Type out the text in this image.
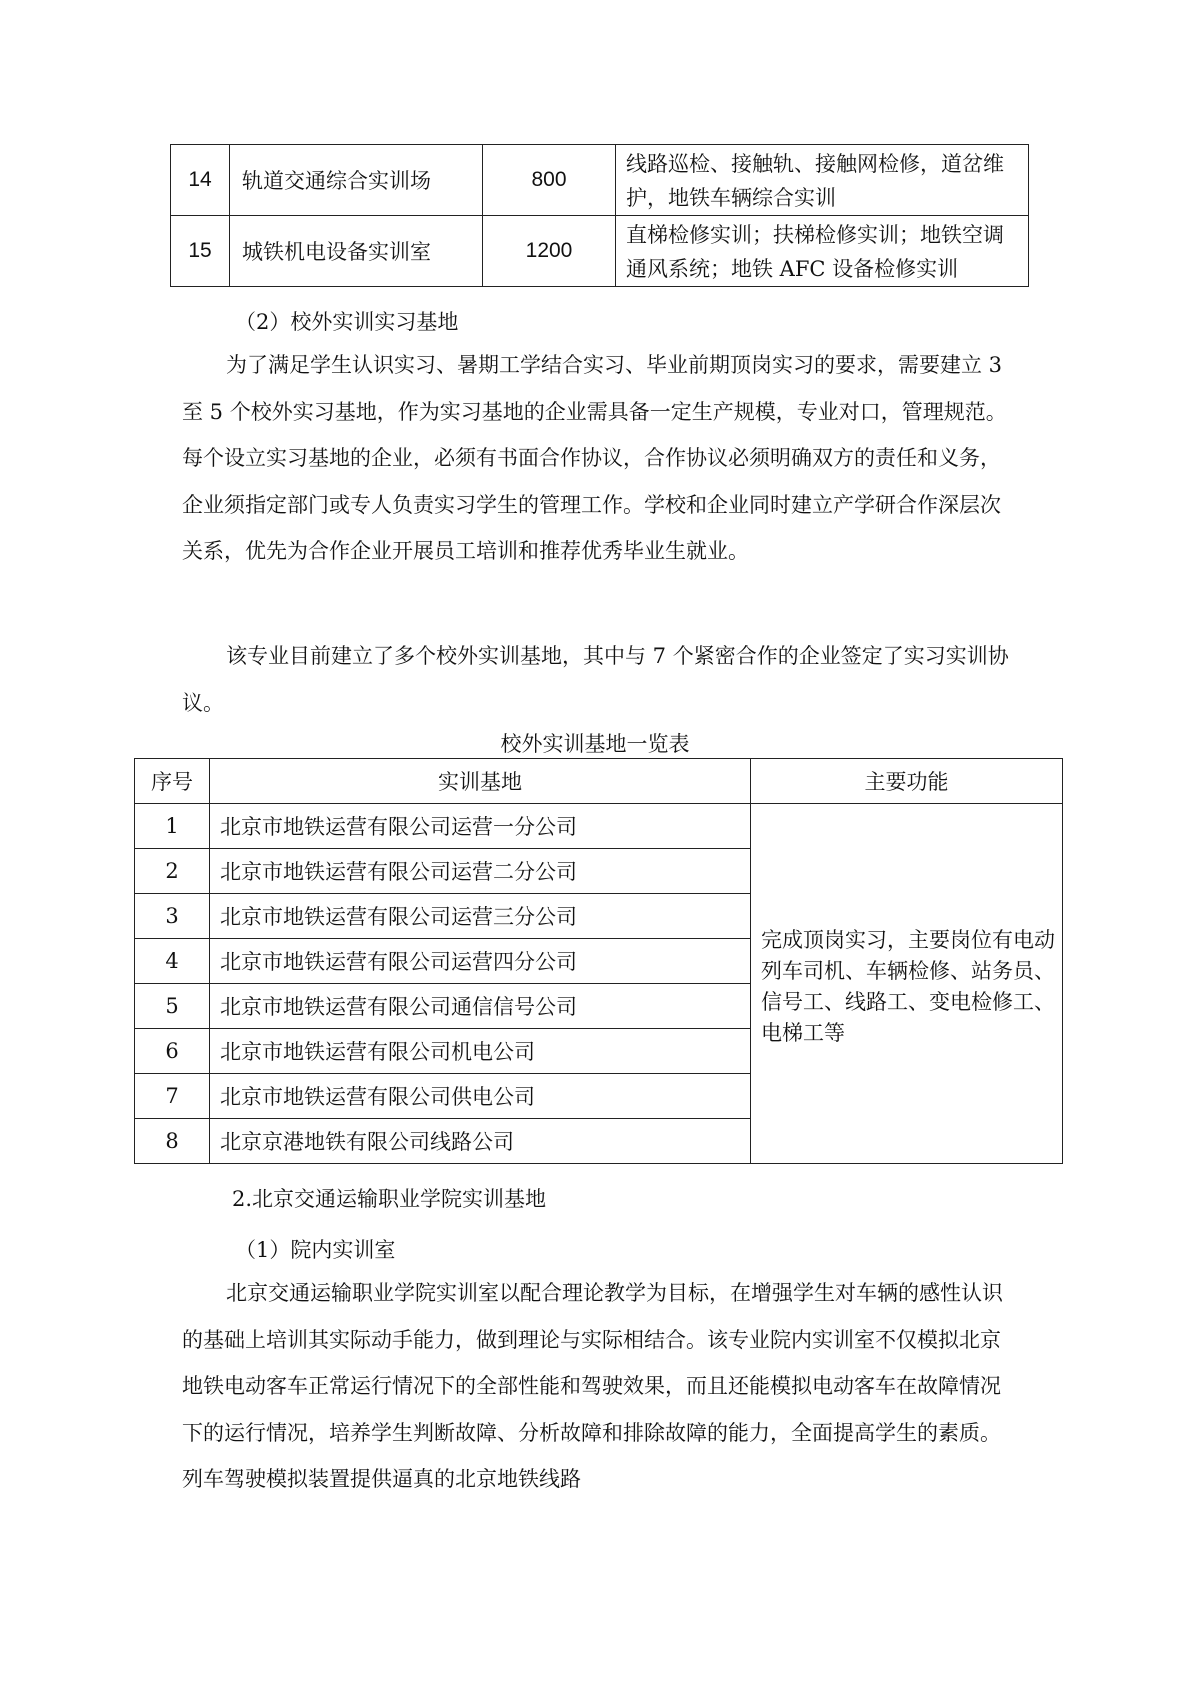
14	轨道交通综合实训场	800	线路巡检、接触轨、接触网检修，道岔维护，地铁车辆综合实训

15	城铁机电设备实训室	1200	直梯检修实训；扶梯检修实训；地铁空调通风系统；地铁 AFC 设备检修实训
（2）校外实训实习基地
为了满足学生认识实习、暑期工学结合实习、毕业前期顶岗实习的要求，需要建立 3 至 5 个校外实习基地，作为实习基地的企业需具备一定生产规模，专业对口，管理规范。每个设立实习基地的企业，必须有书面合作协议，合作协议必须明确双方的责任和义务，企业须指定部门或专人负责实习学生的管理工作。学校和企业同时建立产学研合作深层次关系，优先为合作企业开展员工培训和推荐优秀毕业生就业。
该专业目前建立了多个校外实训基地，其中与 7 个紧密合作的企业签定了实习实训协议。
校外实训基地一览表
序号	实训基地	主要功能
1	北京市地铁运营有限公司运营一分公司	完成顶岗实习，主要岗位有电动列车司机、车辆检修、站务员、信号工、线路工、变电检修工、电梯工等
2	北京市地铁运营有限公司运营二分公司	
3	北京市地铁运营有限公司运营三分公司	
4	北京市地铁运营有限公司运营四分公司	
5	北京市地铁运营有限公司通信信号公司	
6	北京市地铁运营有限公司机电公司	
7	北京市地铁运营有限公司供电公司	
8	北京京港地铁有限公司线路公司	
2.北京交通运输职业学院实训基地
（1）院内实训室
北京交通运输职业学院实训室以配合理论教学为目标，在增强学生对车辆的感性认识的基础上培训其实际动手能力，做到理论与实际相结合。该专业院内实训室不仅模拟北京地铁电动客车正常运行情况下的全部性能和驾驶效果，而且还能模拟电动客车在故障情况下的运行情况，培养学生判断故障、分析故障和排除故障的能力，全面提高学生的素质。列车驾驶模拟装置提供逼真的北京地铁线路
